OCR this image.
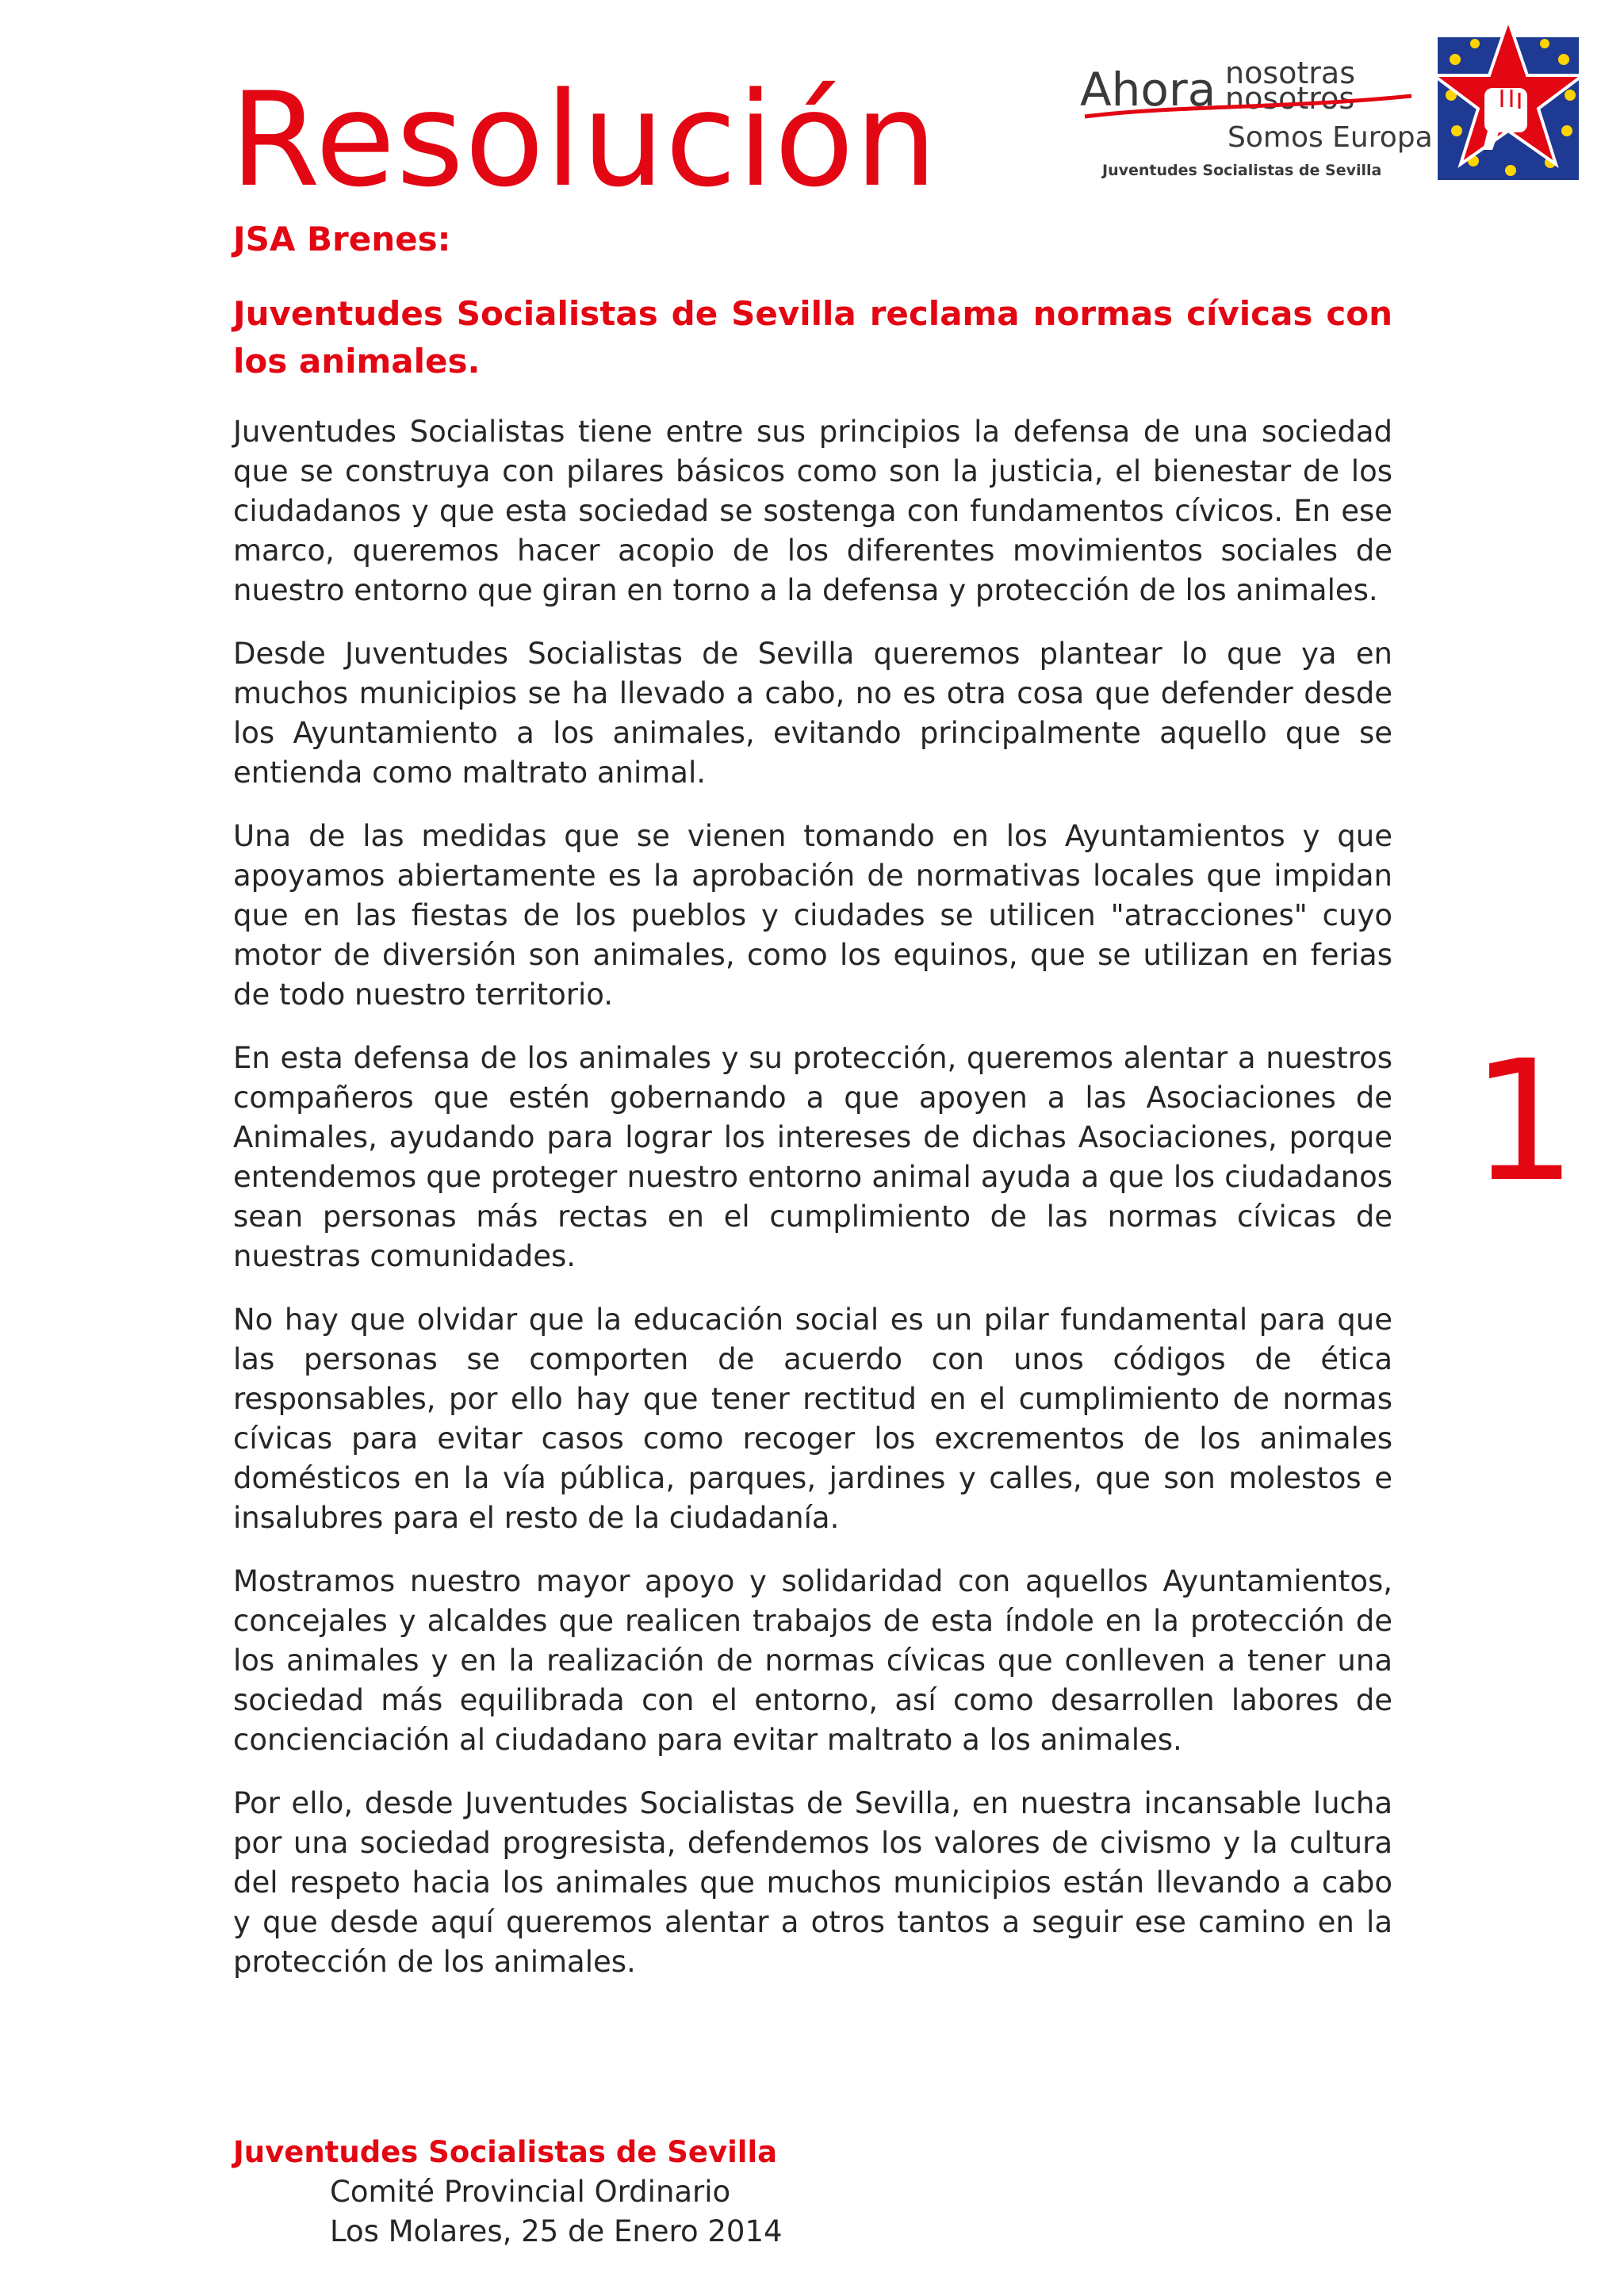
Resolución	Ahora nosotras
nosotros
Somos Europa
Juventudes Socialistas de Sevilla

JSA Brenes:

Juventudes Socialistas de Sevilla reclama normas cívicas con los animales.

Juventudes Socialistas tiene entre sus principios la defensa de una sociedad que se construya con pilares básicos como son la justicia, el bienestar de los ciudadanos y que esta sociedad se sostenga con fundamentos cívicos. En ese marco, queremos hacer acopio de los diferentes movimientos sociales de nuestro entorno que giran en torno a la defensa y protección de los animales.

Desde Juventudes Socialistas de Sevilla queremos plantear lo que ya en muchos municipios se ha llevado a cabo, no es otra cosa que defender desde los Ayuntamiento a los animales, evitando principalmente aquello que se entienda como maltrato animal.

Una de las medidas que se vienen tomando en los Ayuntamientos y que apoyamos abiertamente es la aprobación de normativas locales que impidan que en las fiestas de los pueblos y ciudades se utilicen "atracciones" cuyo motor de diversión son animales, como los equinos, que se utilizan en ferias de todo nuestro territorio.

En esta defensa de los animales y su protección, queremos alentar a nuestros compañeros que estén gobernando a que apoyen a las Asociaciones de Animales, ayudando para lograr los intereses de dichas Asociaciones, porque entendemos que proteger nuestro entorno animal ayuda a que los ciudadanos sean personas más rectas en el cumplimiento de las normas cívicas de nuestras comunidades.

No hay que olvidar que la educación social es un pilar fundamental para que las personas se comporten de acuerdo con unos códigos de ética responsables, por ello hay que tener rectitud en el cumplimiento de normas cívicas para evitar casos como recoger los excrementos de los animales domésticos en la vía pública, parques, jardines y calles, que son molestos e insalubres para el resto de la ciudadanía.

Mostramos nuestro mayor apoyo y solidaridad con aquellos Ayuntamientos, concejales y alcaldes que realicen trabajos de esta índole en la protección de los animales y en la realización de normas cívicas que conlleven a tener una sociedad más equilibrada con el entorno, así como desarrollen labores de concienciación al ciudadano para evitar maltrato a los animales.

Por ello, desde Juventudes Socialistas de Sevilla, en nuestra incansable lucha por una sociedad progresista, defendemos los valores de civismo y la cultura del respeto hacia los animales que muchos municipios están llevando a cabo y que desde aquí queremos alentar a otros tantos a seguir ese camino en la protección de los animales.

1
Juventudes Socialistas de Sevilla
Comité Provincial Ordinario
Los Molares, 25 de Enero 2014
